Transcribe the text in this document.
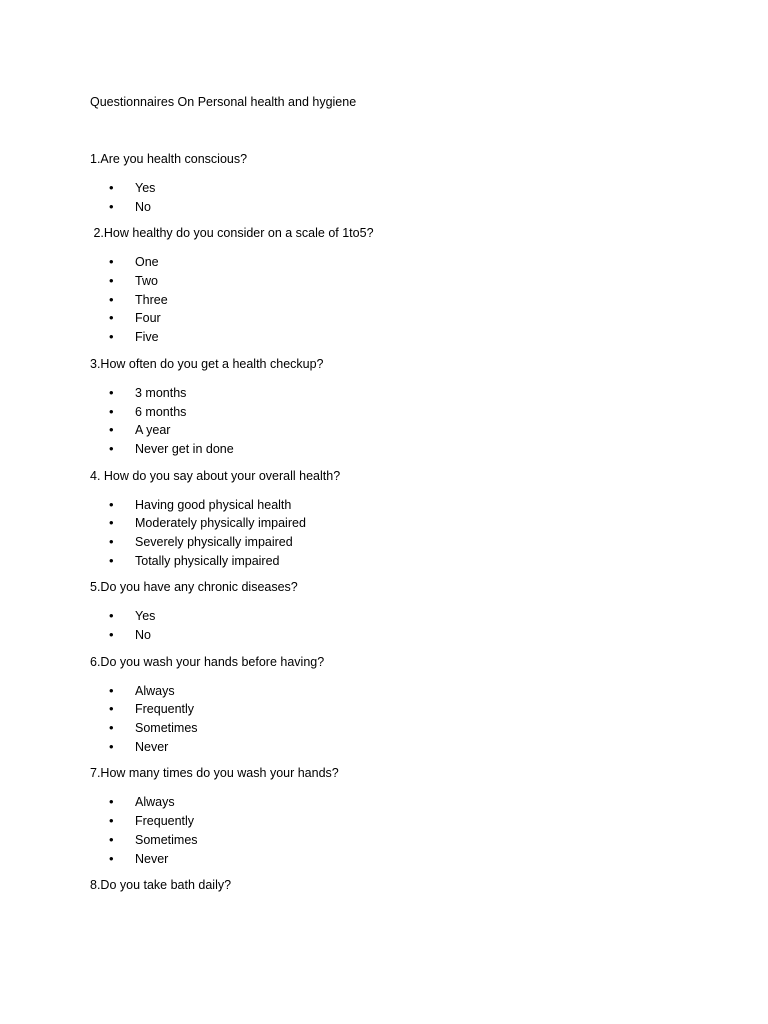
Questionnaires On Personal health and hygiene
1.Are you health conscious?
• Yes
• No
2.How healthy do you consider on a scale of 1to5?
• One
• Two
• Three
• Four
• Five
3.How often do you get a health checkup?
• 3 months
• 6 months
• A year
• Never get in done
4. How do you say about your overall health?
• Having good physical health
• Moderately physically impaired
• Severely physically impaired
• Totally physically impaired
5.Do you have any chronic diseases?
• Yes
• No
6.Do you wash your hands before having?
• Always
• Frequently
• Sometimes
• Never
7.How many times do you wash your hands?
• Always
• Frequently
• Sometimes
• Never
8.Do you take bath daily?
